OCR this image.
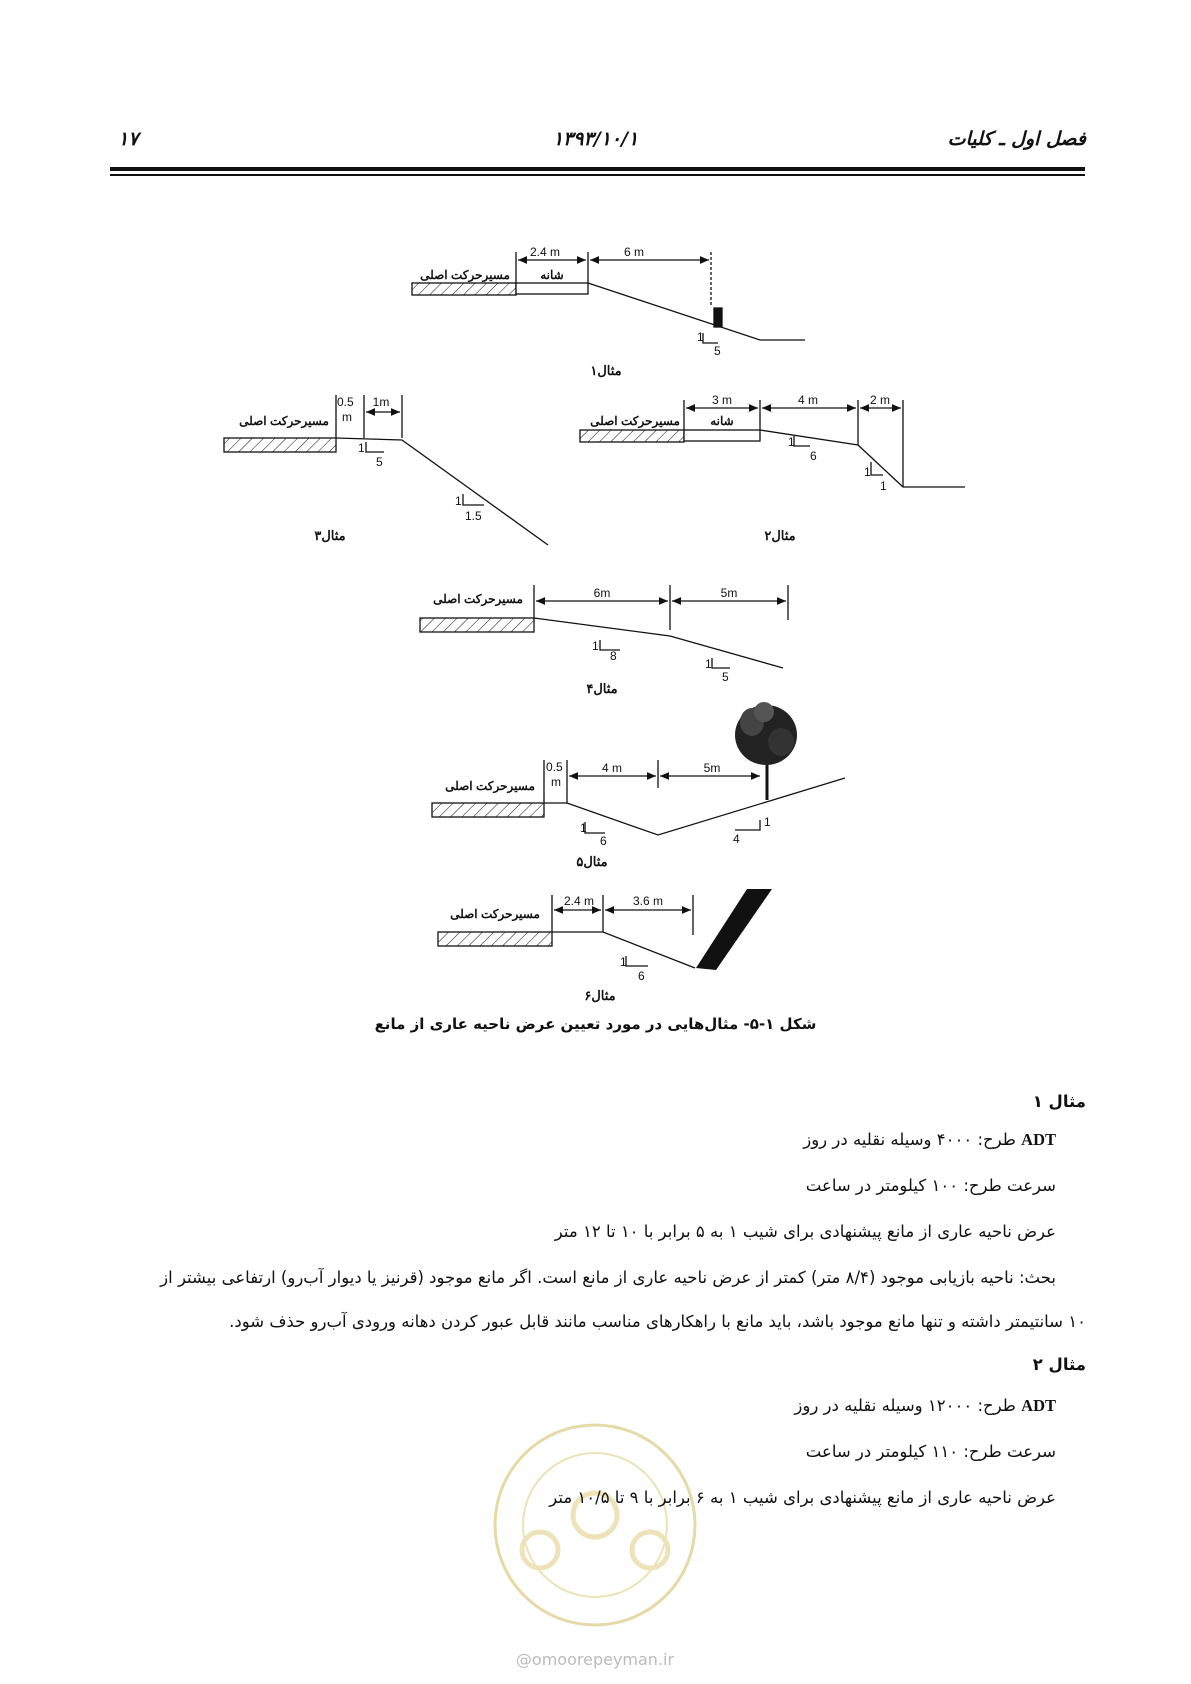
فصل اول ـ کلیات
۱۳۹۳/۱۰/۱
۱۷
2.4 m	6 m
شانه
مسیرحرکت اصلی
1
5
مثال۱
3 m	4 m	2 m
شانه
مسیرحرکت اصلی
1
6
1
1
مثال۲
0.5
m
1m
مسیرحرکت اصلی
1
5
1
1.5
مثال۳
6m	5m
مسیرحرکت اصلی
1
8
1
5
مثال۴
0.5
m
4 m	5m
مسیرحرکت اصلی
1
6
1
4
مثال۵
2.4 m	3.6 m
مسیرحرکت اصلی
1
6
مثال۶
شکل ۱-۵- مثال‌هایی در مورد تعیین عرض ناحیه عاری از مانع
@omoorepeyman.ir
مثال ۱
ADT طرح: ۴۰۰۰ وسیله نقلیه در روز
سرعت طرح: ۱۰۰ کیلومتر در ساعت
عرض ناحیه عاری از مانع پیشنهادی برای شیب ۱ به ۵ برابر با ۱۰ تا ۱۲ متر
بحث: ناحیه بازیابی موجود (۸/۴ متر) کمتر از عرض ناحیه عاری از مانع است. اگر مانع موجود (قرنیز یا دیوار آب‌رو) ارتفاعی بیشتر از
۱۰ سانتیمتر داشته و تنها مانع موجود باشد، باید مانع با راهکارهای مناسب مانند قابل عبور کردن دهانه ورودی آب‌رو حذف شود.
مثال ۲
ADT طرح: ۱۲۰۰۰ وسیله نقلیه در روز
سرعت طرح: ۱۱۰ کیلومتر در ساعت
عرض ناحیه عاری از مانع پیشنهادی برای شیب ۱ به ۶ برابر با ۹ تا ۱۰/۵ متر
